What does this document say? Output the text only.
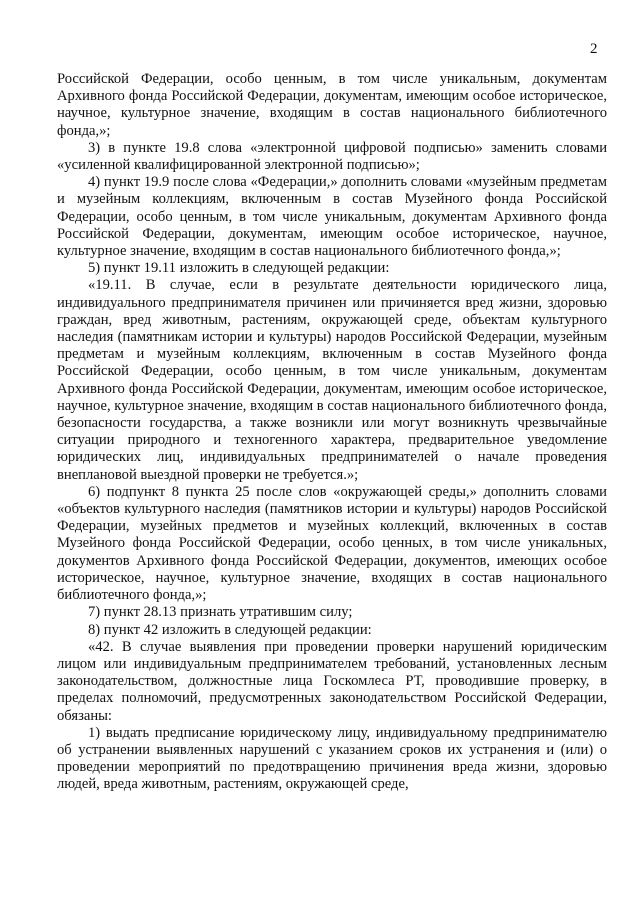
2

Российской Федерации, особо ценным, в том числе уникальным, документам Архивного фонда Российской Федерации, документам, имеющим особое историческое, научное, культурное значение, входящим в состав национального библиотечного фонда,»;

3) в пункте 19.8 слова «электронной цифровой подписью» заменить словами «усиленной квалифицированной электронной подписью»;

4) пункт 19.9 после слова «Федерации,» дополнить словами «музейным предметам и музейным коллекциям, включенным в состав Музейного фонда Российской Федерации, особо ценным, в том числе уникальным, документам Архивного фонда Российской Федерации, документам, имеющим особое историческое, научное, культурное значение, входящим в состав национального библиотечного фонда,»;

5) пункт 19.11 изложить в следующей редакции:

«19.11. В случае, если в результате деятельности юридического лица, индивидуального предпринимателя причинен или причиняется вред жизни, здоровью граждан, вред животным, растениям, окружающей среде, объектам культурного наследия (памятникам истории и культуры) народов Российской Федерации, музейным предметам и музейным коллекциям, включенным в состав Музейного фонда Российской Федерации, особо ценным, в том числе уникальным, документам Архивного фонда Российской Федерации, документам, имеющим особое историческое, научное, культурное значение, входящим в состав национального библиотечного фонда, безопасности государства, а также возникли или могут возникнуть чрезвычайные ситуации природного и техногенного характера, предварительное уведомление юридических лиц, индивидуальных предпринимателей о начале проведения внеплановой выездной проверки не требуется.»;

6) подпункт 8 пункта 25 после слов «окружающей среды,» дополнить словами «объектов культурного наследия (памятников истории и культуры) народов Российской Федерации, музейных предметов и музейных коллекций, включенных в состав Музейного фонда Российской Федерации, особо ценных, в том числе уникальных, документов Архивного фонда Российской Федерации, документов, имеющих особое историческое, научное, культурное значение, входящих в состав национального библиотечного фонда,»;

7) пункт 28.13 признать утратившим силу;

8) пункт 42 изложить в следующей редакции:

«42. В случае выявления при проведении проверки нарушений юридическим лицом или индивидуальным предпринимателем требований, установленных лесным законодательством, должностные лица Госкомлеса РТ, проводившие проверку, в пределах полномочий, предусмотренных законодательством Российской Федерации, обязаны:

1) выдать предписание юридическому лицу, индивидуальному предпринимателю об устранении выявленных нарушений с указанием сроков их устранения и (или) о проведении мероприятий по предотвращению причинения вреда жизни, здоровью людей, вреда животным, растениям, окружающей среде,
